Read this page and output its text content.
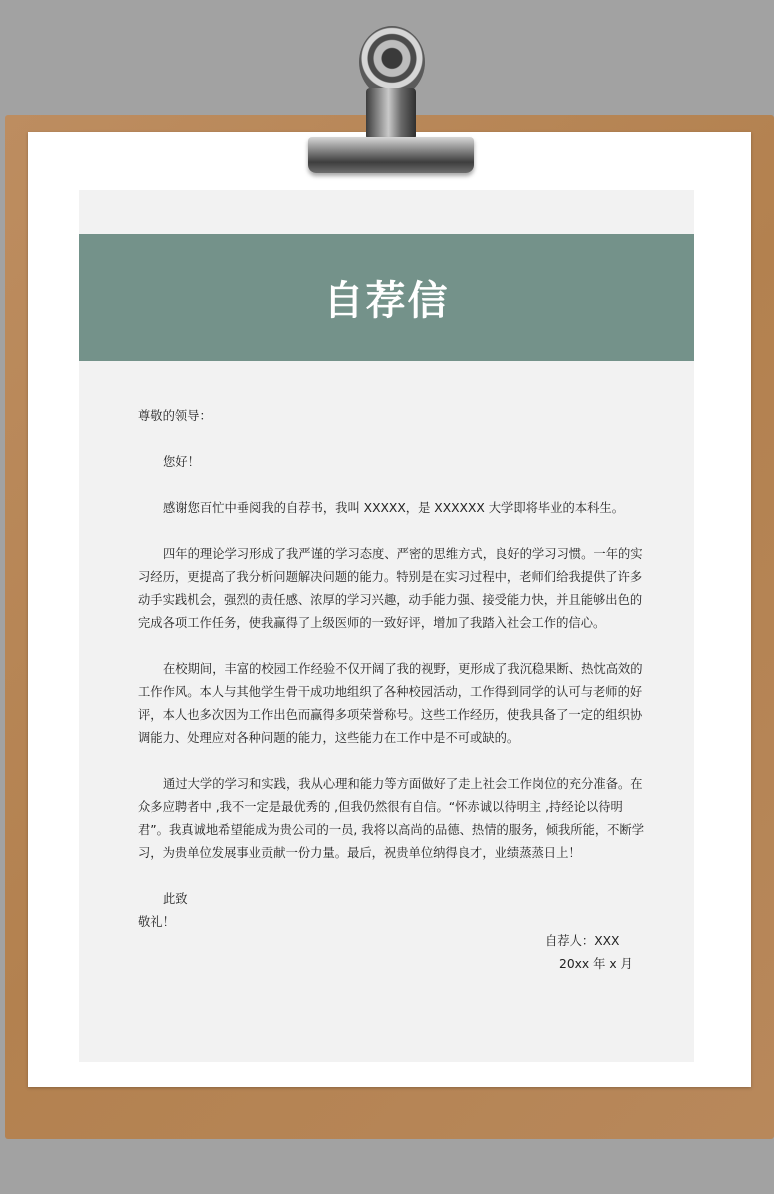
自荐信

尊敬的领导：

您好！

感谢您百忙中垂阅我的自荐书，我叫 XXXXX，是 XXXXXX 大学即将毕业的本科生。

四年的理论学习形成了我严谨的学习态度、严密的思维方式，良好的学习习惯。一年的实习经历，更提高了我分析问题解决问题的能力。特别是在实习过程中，老师们给我提供了许多动手实践机会，强烈的责任感、浓厚的学习兴趣，动手能力强、接受能力快，并且能够出色的完成各项工作任务，使我赢得了上级医师的一致好评，增加了我踏入社会工作的信心。

在校期间，丰富的校园工作经验不仅开阔了我的视野，更形成了我沉稳果断、热忱高效的工作作风。本人与其他学生骨干成功地组织了各种校园活动，工作得到同学的认可与老师的好评，本人也多次因为工作出色而赢得多项荣誉称号。这些工作经历，使我具备了一定的组织协调能力、处理应对各种问题的能力，这些能力在工作中是不可或缺的。

通过大学的学习和实践，我从心理和能力等方面做好了走上社会工作岗位的充分准备。在众多应聘者中 ,我不一定是最优秀的 ,但我仍然很有自信。“怀赤诚以待明主 ,持经论以待明君”。我真诚地希望能成为贵公司的一员, 我将以高尚的品德、热情的服务，倾我所能，不断学习，为贵单位发展事业贡献一份力量。最后，祝贵单位纳得良才，业绩蒸蒸日上！

此致

敬礼！

自荐人：XXX

20xx 年 x 月
